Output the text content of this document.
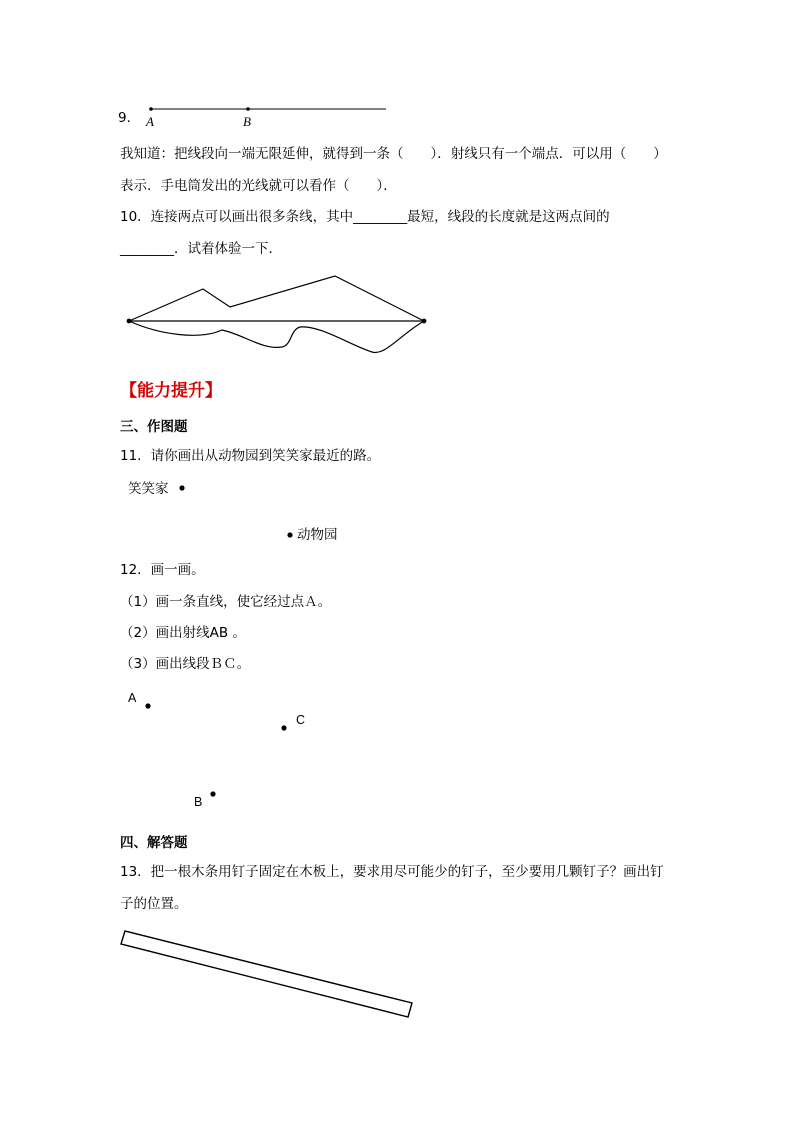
9． A	B
我知道：把线段向一端无限延伸，就得到一条（　　）．射线只有一个端点．可以用（　　）
表示．手电筒发出的光线就可以看作（　　）．
10．连接两点可以画出很多条线，其中________最短，线段的长度就是这两点间的
________．试着体验一下．
【能力提升】
三、作图题
11．请你画出从动物园到笑笑家最近的路。
笑笑家
动物园
12．画一画。
（1）画一条直线，使它经过点Ａ。
（2）画出射线AB 。
（3）画出线段ＢＣ。
A
C
B
四、解答题
13．把一根木条用钉子固定在木板上，要求用尽可能少的钉子，至少要用几颗钉子？画出钉
子的位置。
